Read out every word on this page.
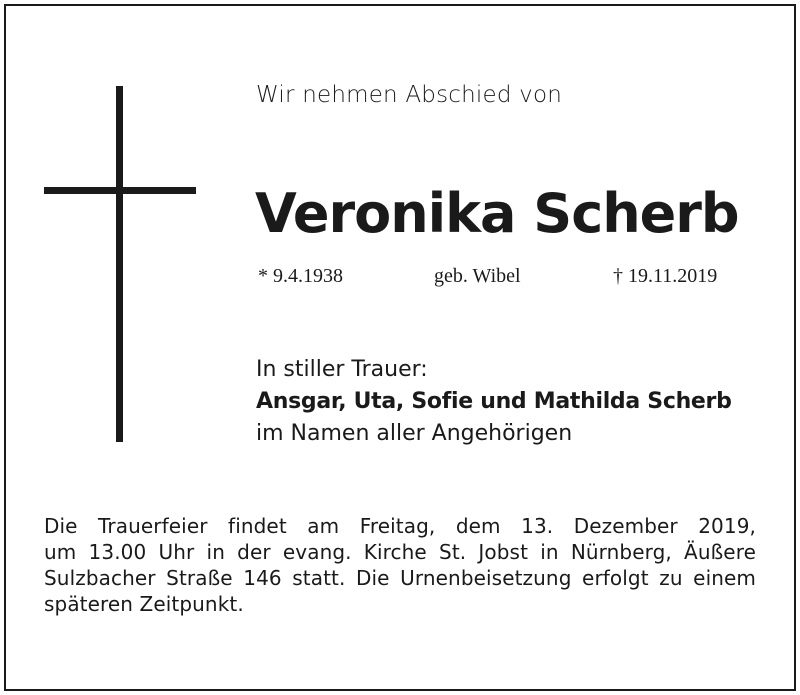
Wir nehmen Abschied von
Veronika Scherb
* 9.4.1938	geb. Wibel	† 19.11.2019
In stiller Trauer:
Ansgar, Uta, Sofie und Mathilda Scherb
im Namen aller Angehörigen
Die Trauerfeier findet am Freitag, dem 13. Dezember 2019,
um 13.00 Uhr in der evang. Kirche St. Jobst in Nürnberg, Äußere
Sulzbacher Straße 146 statt. Die Urnenbeisetzung erfolgt zu einem
späteren Zeitpunkt.
